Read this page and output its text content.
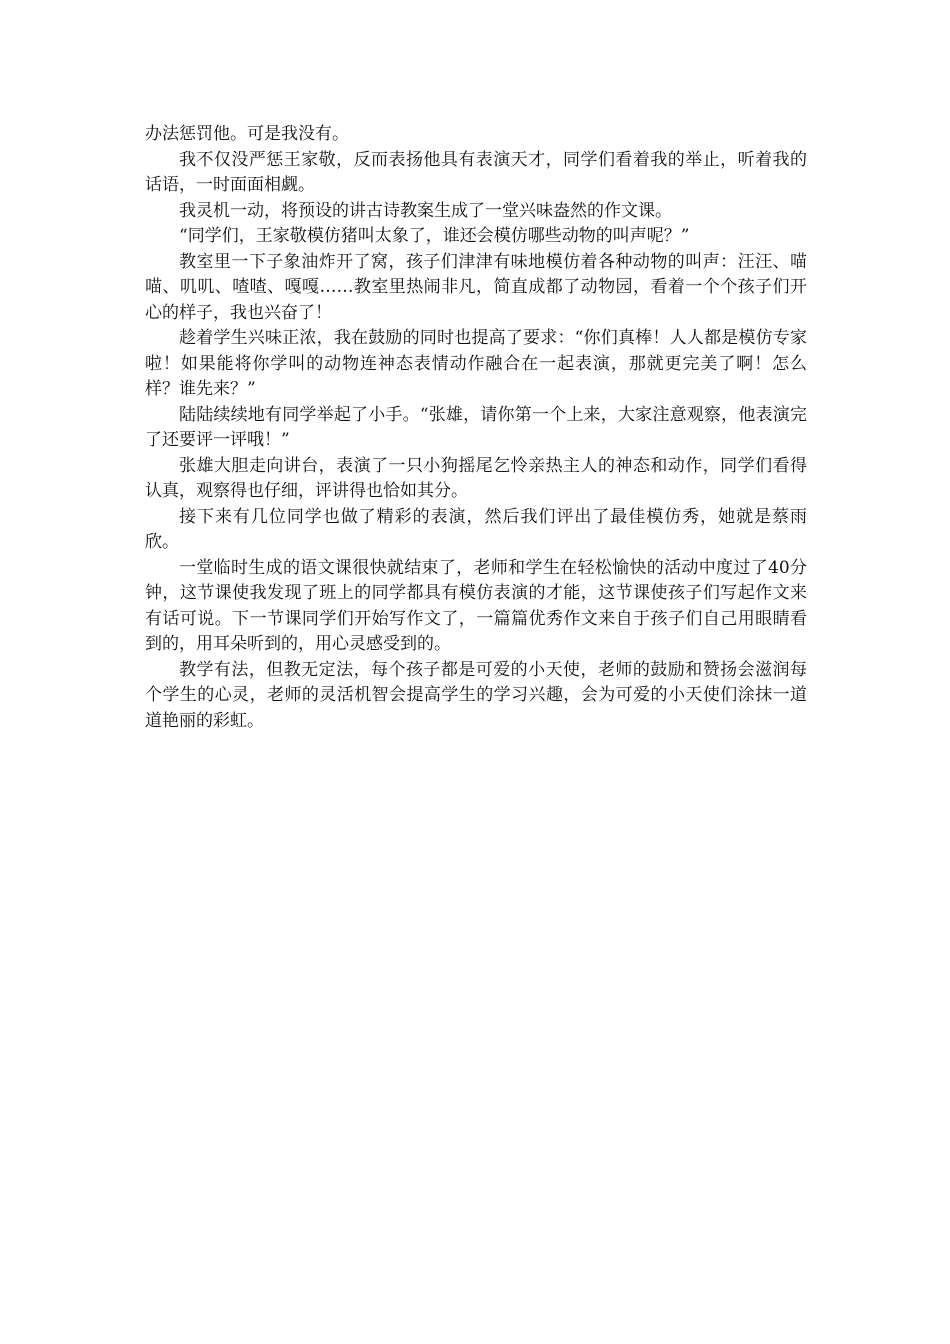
办法惩罚他。可是我没有。

我不仅没严惩王家敬，反而表扬他具有表演天才，同学们看着我的举止，听着我的话语，一时面面相觑。

我灵机一动，将预设的讲古诗教案生成了一堂兴味盎然的作文课。

“同学们，王家敬模仿猪叫太象了，谁还会模仿哪些动物的叫声呢？”

教室里一下子象油炸开了窝，孩子们津津有味地模仿着各种动物的叫声：汪汪、喵喵、叽叽、喳喳、嘎嘎……教室里热闹非凡，简直成都了动物园，看着一个个孩子们开心的样子，我也兴奋了！

趁着学生兴味正浓，我在鼓励的同时也提高了要求：“你们真棒！人人都是模仿专家啦！如果能将你学叫的动物连神态表情动作融合在一起表演，那就更完美了啊！怎么样？谁先来？”

陆陆续续地有同学举起了小手。“张雄，请你第一个上来，大家注意观察，他表演完了还要评一评哦！”

张雄大胆走向讲台，表演了一只小狗摇尾乞怜亲热主人的神态和动作，同学们看得认真，观察得也仔细，评讲得也恰如其分。

接下来有几位同学也做了精彩的表演，然后我们评出了最佳模仿秀，她就是蔡雨欣。

一堂临时生成的语文课很快就结束了，老师和学生在轻松愉快的活动中度过了40分钟，这节课使我发现了班上的同学都具有模仿表演的才能，这节课使孩子们写起作文来有话可说。下一节课同学们开始写作文了，一篇篇优秀作文来自于孩子们自己用眼睛看到的，用耳朵听到的，用心灵感受到的。

教学有法，但教无定法，每个孩子都是可爱的小天使，老师的鼓励和赞扬会滋润每个学生的心灵，老师的灵活机智会提高学生的学习兴趣，会为可爱的小天使们涂抹一道道艳丽的彩虹。
